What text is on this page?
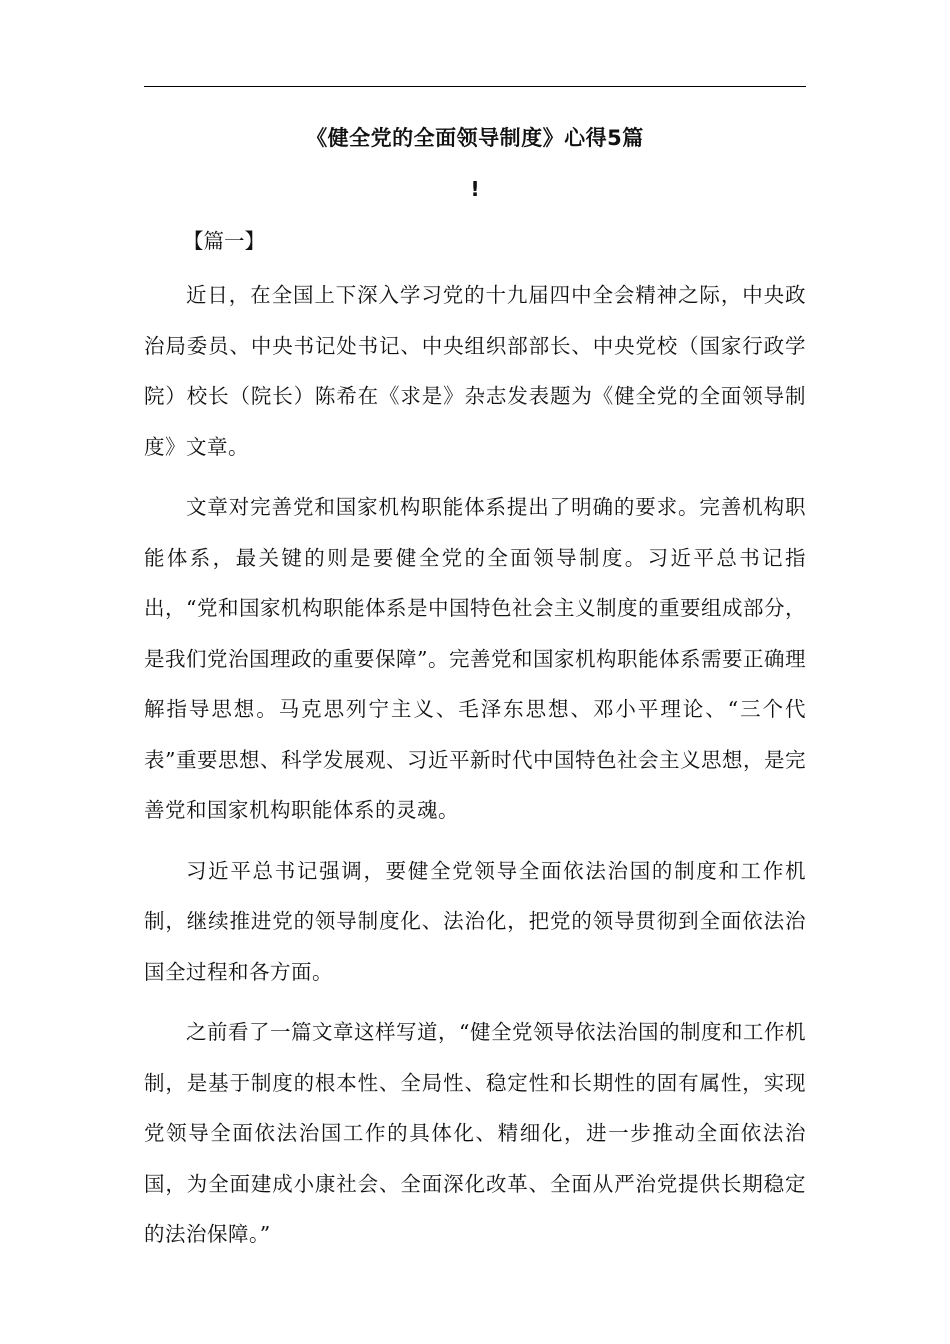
《健全党的全面领导制度》心得5篇
!
【篇一】

近日，在全国上下深入学习党的十九届四中全会精神之际，中央政治局委员、中央书记处书记、中央组织部部长、中央党校（国家行政学院）校长（院长）陈希在《求是》杂志发表题为《健全党的全面领导制度》文章。

文章对完善党和国家机构职能体系提出了明确的要求。完善机构职能体系，最关键的则是要健全党的全面领导制度。习近平总书记指出，“党和国家机构职能体系是中国特色社会主义制度的重要组成部分，是我们党治国理政的重要保障”。完善党和国家机构职能体系需要正确理解指导思想。马克思列宁主义、毛泽东思想、邓小平理论、“三个代表”重要思想、科学发展观、习近平新时代中国特色社会主义思想，是完善党和国家机构职能体系的灵魂。

习近平总书记强调，要健全党领导全面依法治国的制度和工作机制，继续推进党的领导制度化、法治化，把党的领导贯彻到全面依法治国全过程和各方面。

之前看了一篇文章这样写道，“健全党领导依法治国的制度和工作机制，是基于制度的根本性、全局性、稳定性和长期性的固有属性，实现党领导全面依法治国工作的具体化、精细化，进一步推动全面依法治国，为全面建成小康社会、全面深化改革、全面从严治党提供长期稳定的法治保障。”
